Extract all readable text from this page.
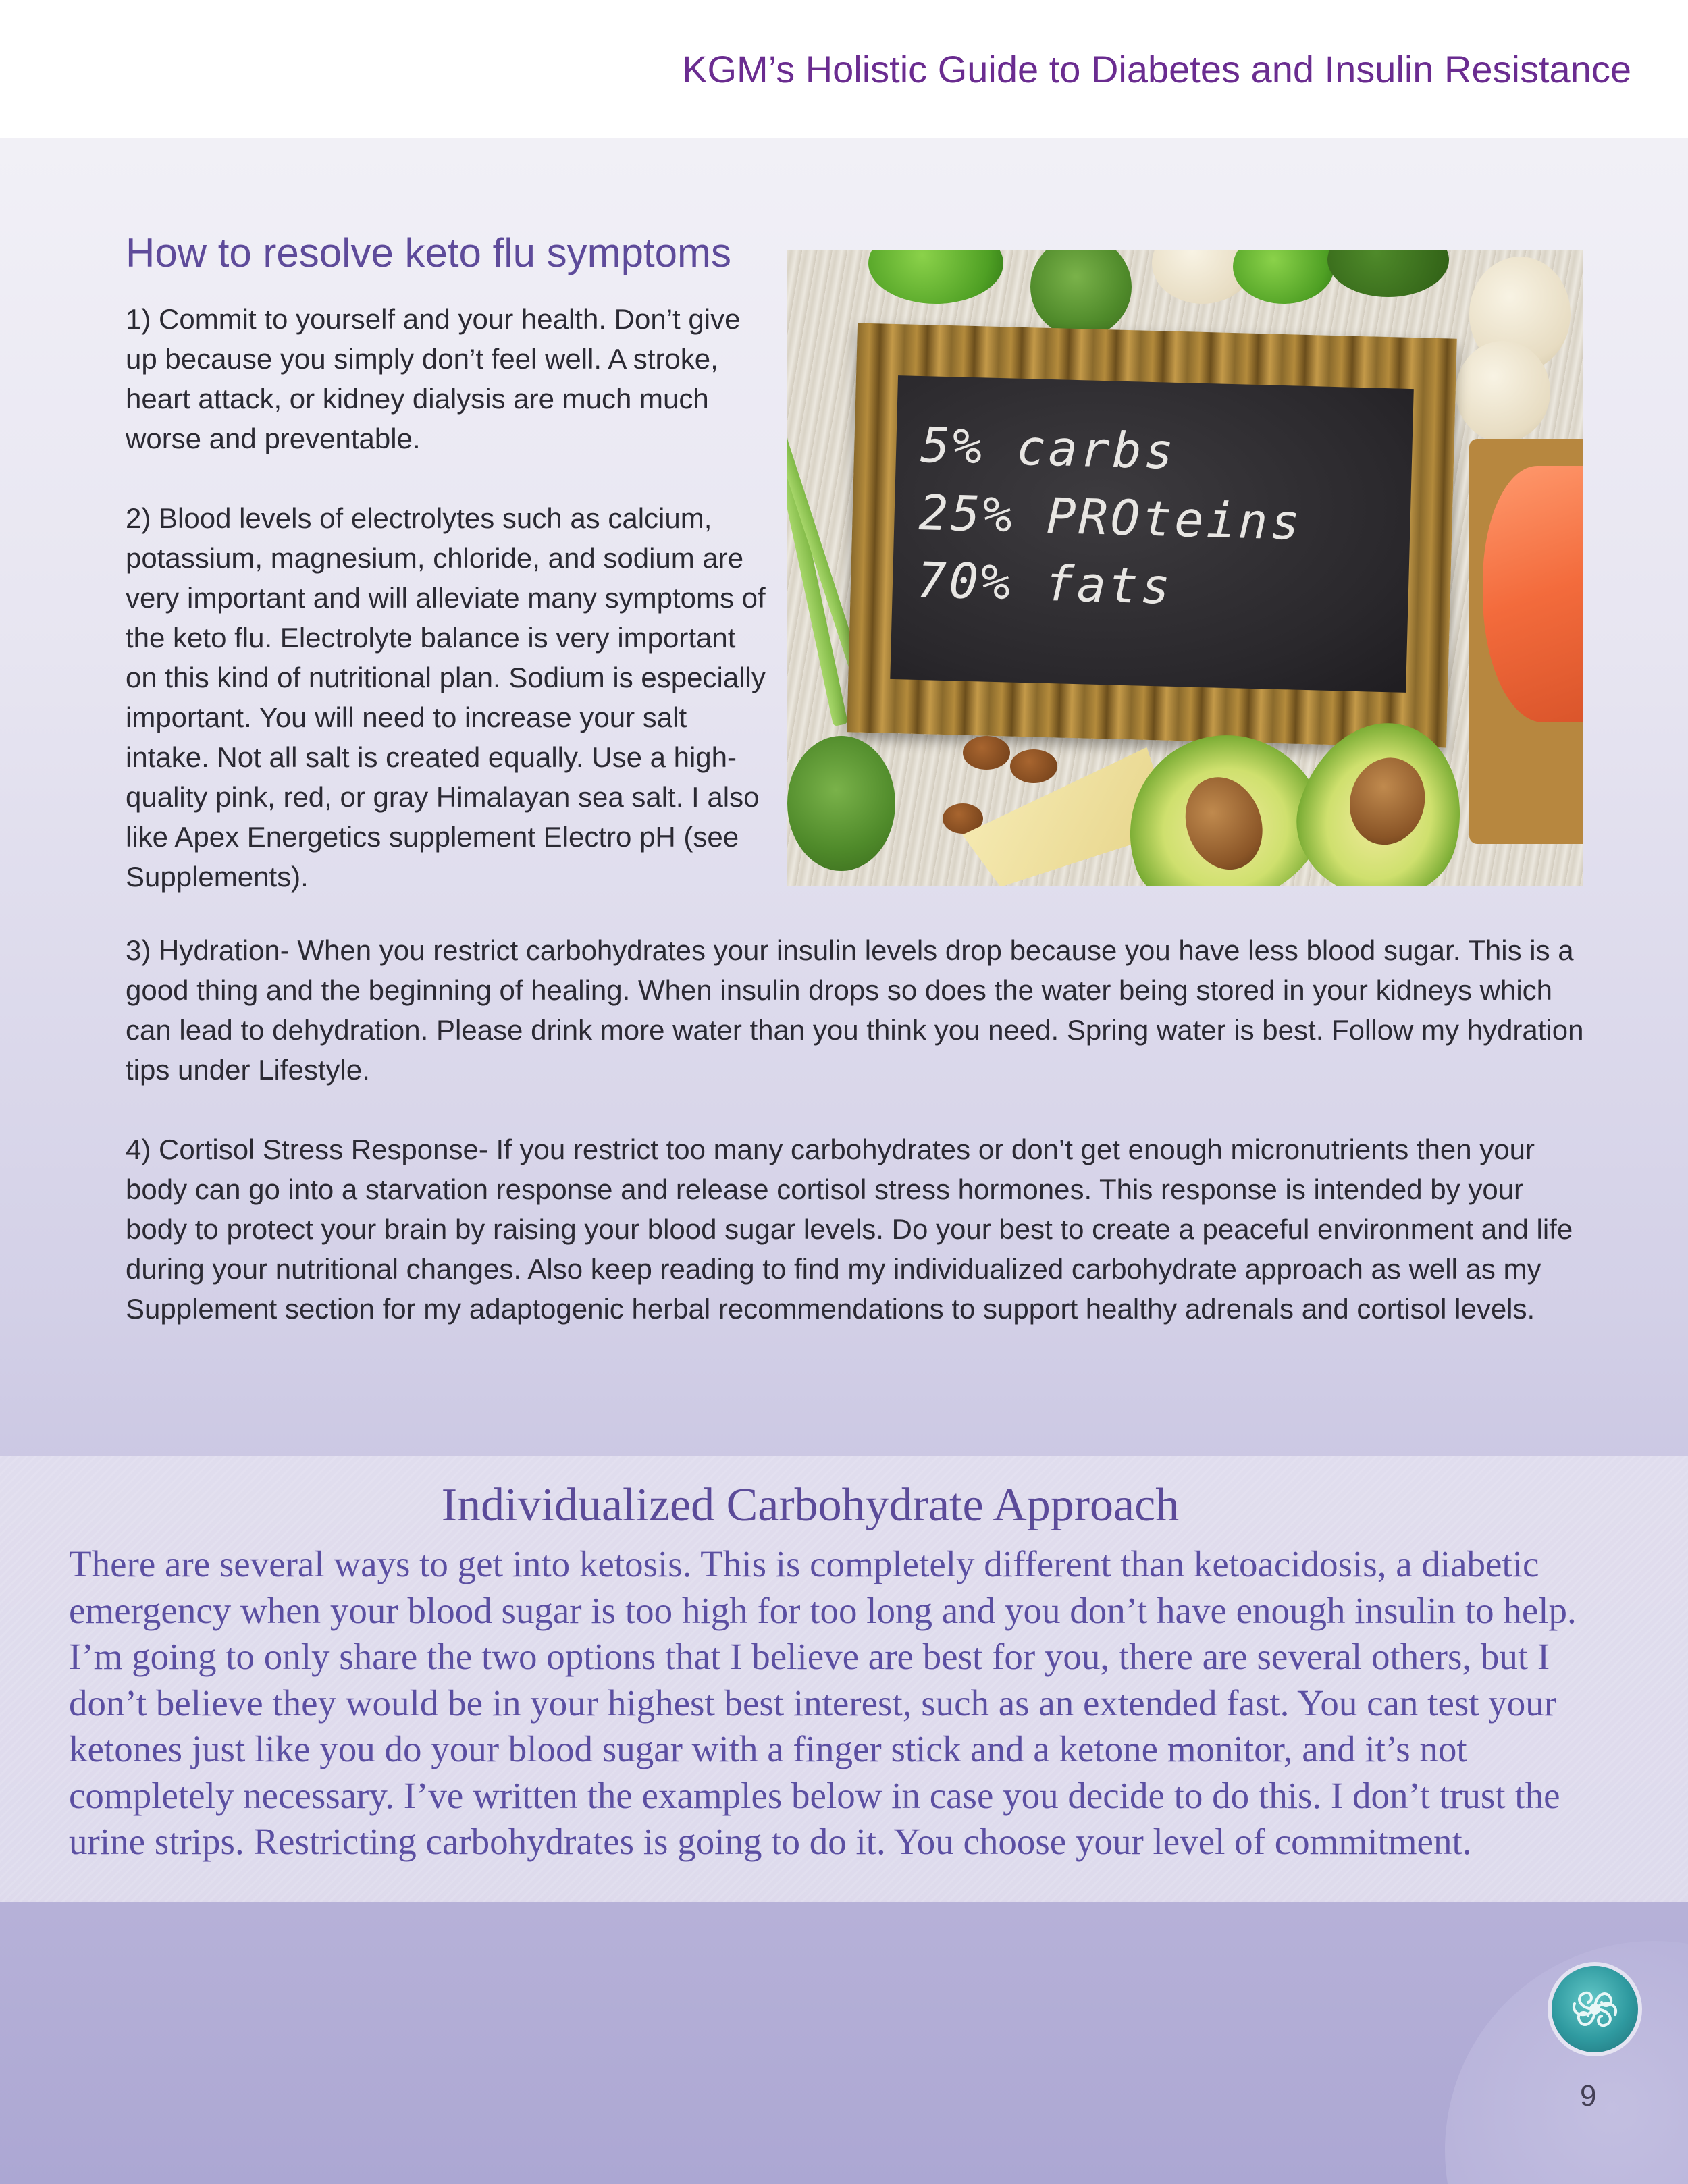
KGM’s Holistic Guide to Diabetes and Insulin Resistance
How to resolve keto flu symptoms
1) Commit to yourself and your health. Don’t give up because you simply don’t feel well. A stroke, heart attack, or kidney dialysis are much much worse and preventable.
2) Blood levels of electrolytes such as calcium, potassium, magnesium, chloride, and sodium are very important and will alleviate many symptoms of the keto flu. Electrolyte balance is very important on this kind of nutritional plan. Sodium is especially important. You will need to increase your salt intake. Not all salt is created equally. Use a high-quality pink, red, or gray Himalayan sea salt. I also like Apex Energetics supplement Electro pH (see Supplements).
3) Hydration- When you restrict carbohydrates your insulin levels drop because you have less blood sugar. This is a good thing and the beginning of healing. When insulin drops so does the water being stored in your kidneys which can lead to dehydration. Please drink more water than you think you need. Spring water is best. Follow my hydration tips under Lifestyle.
4) Cortisol Stress Response- If you restrict too many carbohydrates or don’t get enough micronutrients then your body can go into a starvation response and release cortisol stress hormones. This response is intended by your body to protect your brain by raising your blood sugar levels. Do your best to create a peaceful environment and life during your nutritional changes. Also keep reading to find my individualized carbohydrate approach as well as my Supplement section for my adaptogenic herbal recommendations to support healthy adrenals and cortisol levels.
5% carbs
25% PROteins
70% fats
Individualized Carbohydrate Approach
There are several ways to get into ketosis. This is completely different than ketoacidosis, a diabetic emergency when your blood sugar is too high for too long and you don’t have enough insulin to help. I’m going to only share the two options that I believe are best for you, there are several others, but I don’t believe they would be in your highest best interest, such as an extended fast. You can test your ketones just like you do your blood sugar with a finger stick and a ketone monitor, and it’s not completely necessary. I’ve written the examples below in case you decide to do this. I don’t trust the urine strips. Restricting carbohydrates is going to do it. You choose your level of commitment.
9
